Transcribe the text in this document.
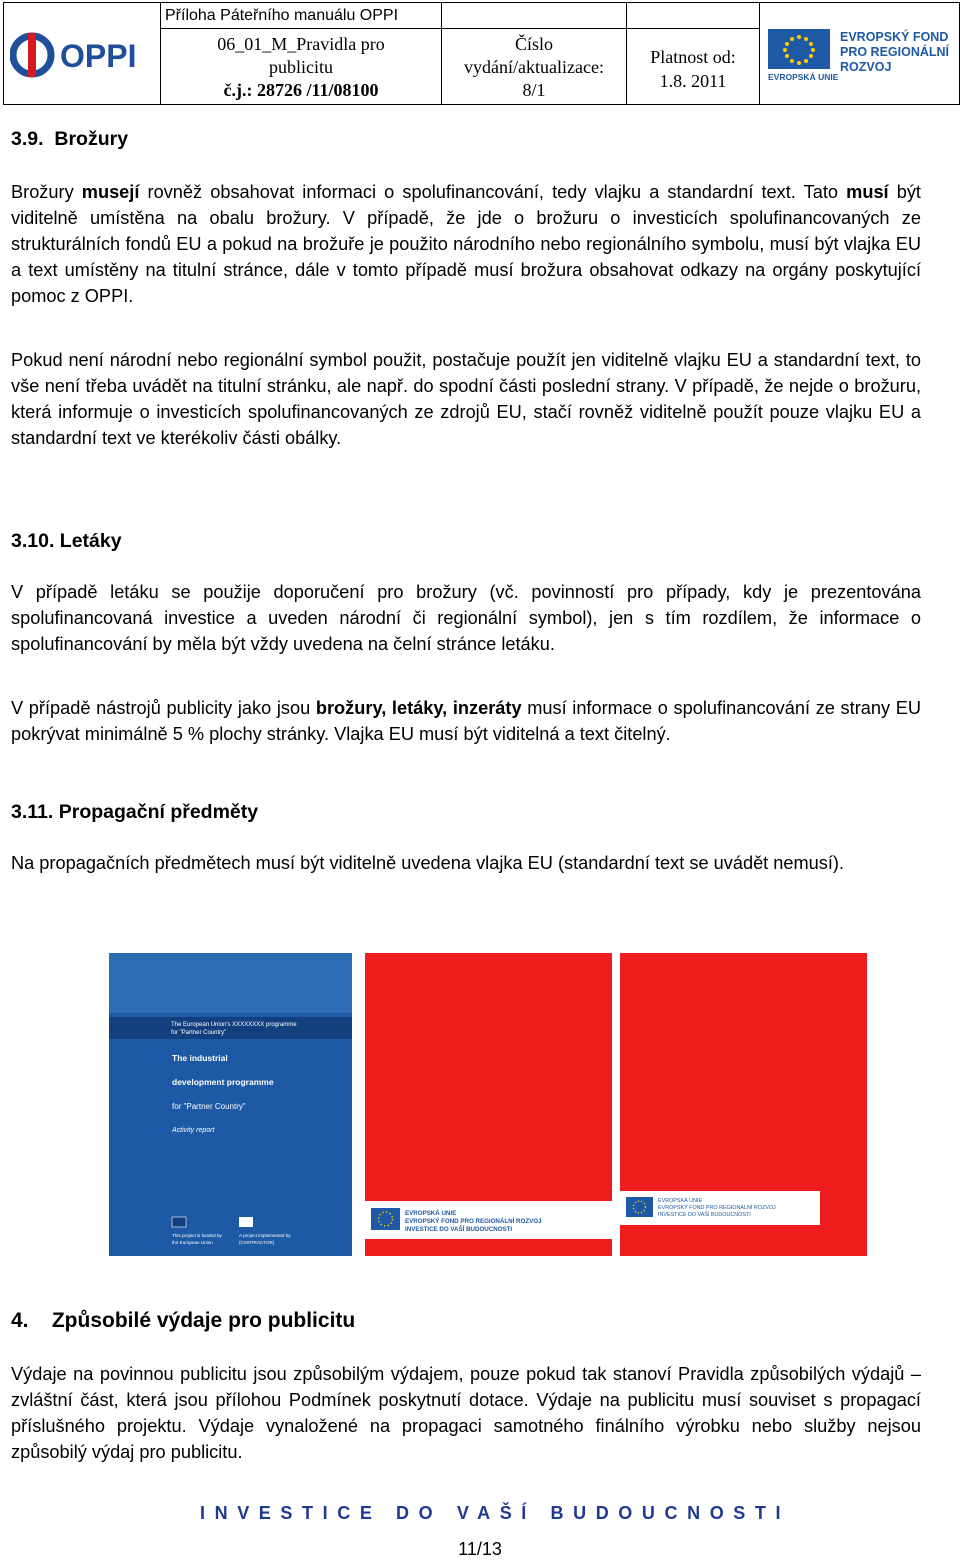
OPPI
Příloha Páteřního manuálu OPPI
06_01_M_Pravidla pro
publicitu
č.j.: 28726 /11/08100
Číslo
vydání/aktualizace:
8/1
Platnost od:
1.8. 2011	EVROPSKÁ UNIE
EVROPSKÝ FOND
PRO REGIONÁLNÍ
ROZVOJ
3.9. Brožury
Brožury musejí rovněž obsahovat informaci o spolufinancování, tedy vlajku a standardní text. Tato musí být viditelně umístěna na obalu brožury. V případě, že jde o brožuru o investicích spolufinancovaných ze strukturálních fondů EU a pokud na brožuře je použito národního nebo regionálního symbolu, musí být vlajka EU a text umístěny na titulní stránce, dále v tomto případě musí brožura obsahovat odkazy na orgány poskytující pomoc z OPPI.
Pokud není národní nebo regionální symbol použit, postačuje použít jen viditelně vlajku EU a standardní text, to vše není třeba uvádět na titulní stránku, ale např. do spodní části poslední strany. V případě, že nejde o brožuru, která informuje o investicích spolufinancovaných ze zdrojů EU, stačí rovněž viditelně použít pouze vlajku EU a standardní text ve kterékoliv části obálky.
3.10. Letáky
V případě letáku se použije doporučení pro brožury (vč. povinností pro případy, kdy je prezentována spolufinancovaná investice a uveden národní či regionální symbol), jen s tím rozdílem, že informace o spolufinancování by měla být vždy uvedena na čelní stránce letáku.
V případě nástrojů publicity jako jsou brožury, letáky, inzeráty musí informace o spolufinancování ze strany EU pokrývat minimálně 5 % plochy stránky. Vlajka EU musí být viditelná a text čitelný.
3.11. Propagační předměty
Na propagačních předmětech musí být viditelně uvedena vlajka EU (standardní text se uvádět nemusí).
The European Union's XXXXXXXX programme
for "Partner Country"
The industrial
development programme
for "Partner Country"
Activity report
This project is funded by
the European Union
A project implemented by
(CONTRACTOR)
EVROPSKÁ UNIE
EVROPSKÝ FOND PRO REGIONÁLNÍ ROZVOJ
INVESTICE DO VAŠÍ BUDOUCNOSTI
EVROPSKÁ UNIE
EVROPSKÝ FOND PRO REGIONÁLNÍ ROZVOJ
INVESTICE DO VAŠÍ BUDOUCNOSTI
4. Způsobilé výdaje pro publicitu
Výdaje na povinnou publicitu jsou způsobilým výdajem, pouze pokud tak stanoví Pravidla způsobilých výdajů – zvláštní část, která jsou přílohou Podmínek poskytnutí dotace. Výdaje na publicitu musí souviset s propagací příslušného projektu. Výdaje vynaložené na propagaci samotného finálního výrobku nebo služby nejsou způsobilý výdaj pro publicitu.
INVESTICE DO VAŠÍ BUDOUCNOSTI
11/13
